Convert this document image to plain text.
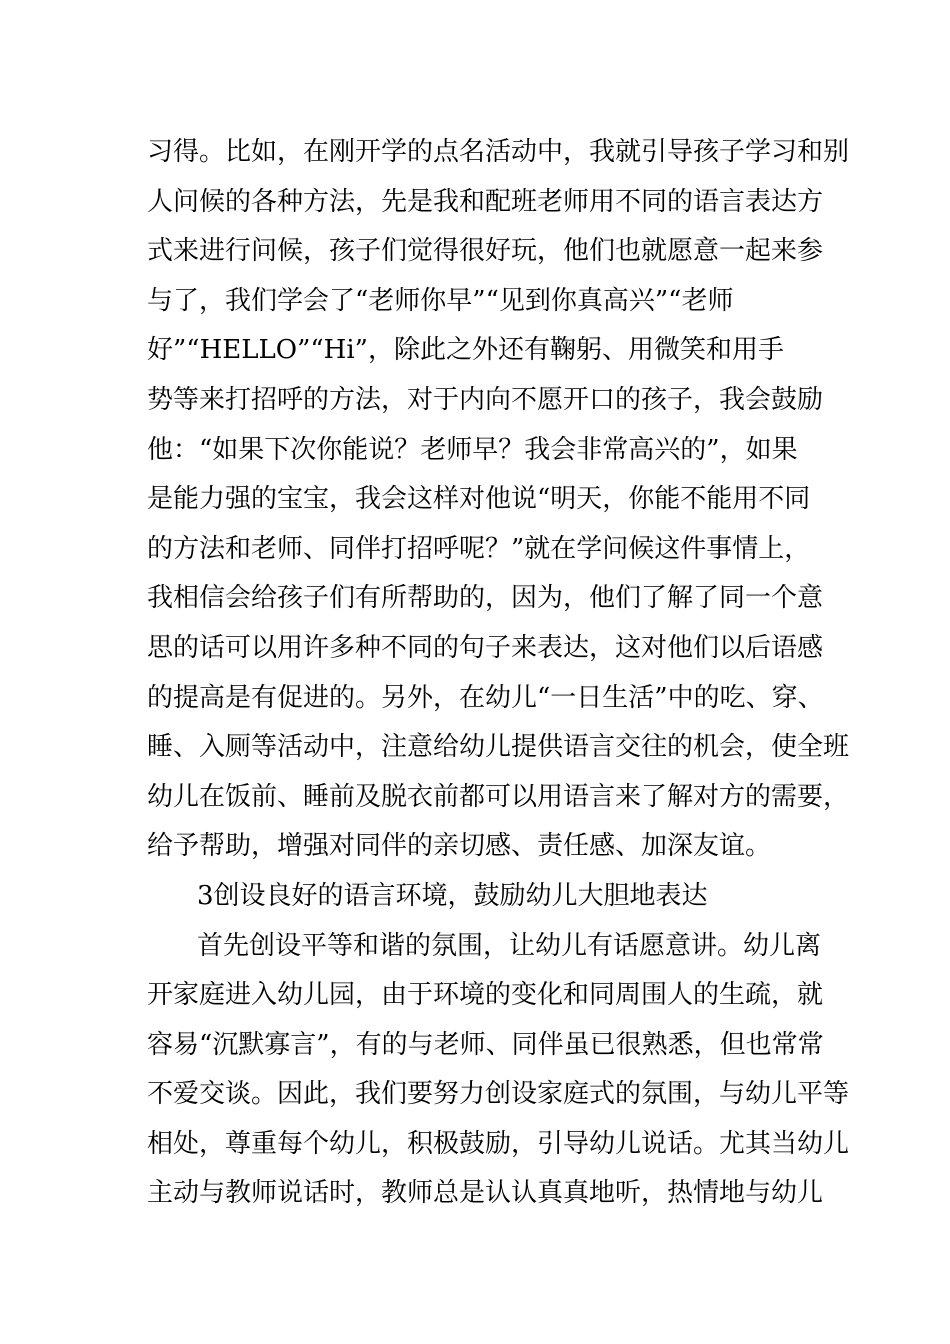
习得。比如，在刚开学的点名活动中，我就引导孩子学习和别
人问候的各种方法，先是我和配班老师用不同的语言表达方
式来进行问候，孩子们觉得很好玩，他们也就愿意一起来参
与了，我们学会了“老师你早”“见到你真高兴”“老师
好”“HELLO”“Hi”，除此之外还有鞠躬、用微笑和用手
势等来打招呼的方法，对于内向不愿开口的孩子，我会鼓励
他：“如果下次你能说？老师早？我会非常高兴的”，如果
是能力强的宝宝，我会这样对他说“明天，你能不能用不同
的方法和老师、同伴打招呼呢？”就在学问候这件事情上，
我相信会给孩子们有所帮助的，因为，他们了解了同一个意
思的话可以用许多种不同的句子来表达，这对他们以后语感
的提高是有促进的。另外，在幼儿“一日生活”中的吃、穿、
睡、入厕等活动中，注意给幼儿提供语言交往的机会，使全班
幼儿在饭前、睡前及脱衣前都可以用语言来了解对方的需要，
给予帮助，增强对同伴的亲切感、责任感、加深友谊。
3创设良好的语言环境，鼓励幼儿大胆地表达
首先创设平等和谐的氛围，让幼儿有话愿意讲。幼儿离
开家庭进入幼儿园，由于环境的变化和同周围人的生疏，就
容易“沉默寡言”，有的与老师、同伴虽已很熟悉，但也常常
不爱交谈。因此，我们要努力创设家庭式的氛围，与幼儿平等
相处，尊重每个幼儿，积极鼓励，引导幼儿说话。尤其当幼儿
主动与教师说话时，教师总是认认真真地听，热情地与幼儿
